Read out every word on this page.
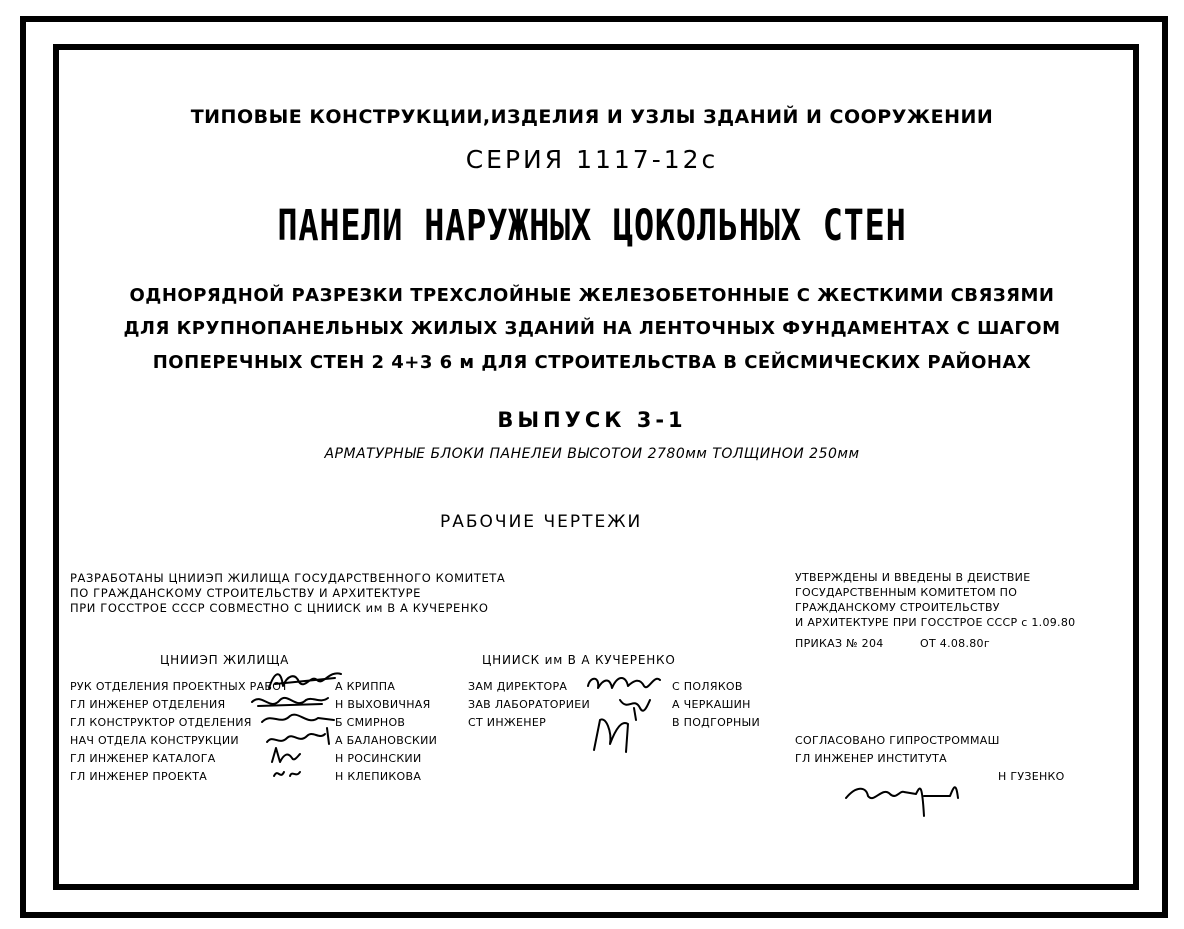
ТИПОВЫЕ КОНСТРУКЦИИ,ИЗДЕЛИЯ И УЗЛЫ ЗДАНИЙ И СООРУЖЕНИИ
СЕРИЯ 1117-12с
ПАНЕЛИ НАРУЖНЫХ ЦОКОЛЬНЫХ СТЕН
ОДНОРЯДНОЙ РАЗРЕЗКИ ТРЕХСЛОЙНЫЕ ЖЕЛЕЗОБЕТОННЫЕ С ЖЕСТКИМИ СВЯЗЯМИ
ДЛЯ КРУПНОПАНЕЛЬНЫХ ЖИЛЫХ ЗДАНИЙ НА ЛЕНТОЧНЫХ ФУНДАМЕНТАХ С ШАГОМ
ПОПЕРЕЧНЫХ СТЕН 2 4+3 6 м ДЛЯ СТРОИТЕЛЬСТВА В СЕЙСМИЧЕСКИХ РАЙОНАХ
ВЫПУСК 3-1
АРМАТУРНЫЕ БЛОКИ ПАНЕЛЕИ ВЫСОТОИ 2780мм ТОЛЩИНОИ 250мм
РАБОЧИЕ ЧЕРТЕЖИ
РАЗРАБОТАНЫ ЦНИИЭП ЖИЛИЩА ГОСУДАРСТВЕННОГО КОМИТЕТА
ПО ГРАЖДАНСКОМУ СТРОИТЕЛЬСТВУ И АРХИТЕКТУРЕ
ПРИ ГОССТРОЕ СССР СОВМЕСТНО С ЦНИИСК им В А КУЧЕРЕНКО
УТВЕРЖДЕНЫ И ВВЕДЕНЫ В ДЕИСТВИЕ
ГОСУДАРСТВЕННЫМ КОМИТЕТОМ ПО
ГРАЖДАНСКОМУ СТРОИТЕЛЬСТВУ
И АРХИТЕКТУРЕ ПРИ ГОССТРОЕ СССР с 1.09.80
ПРИКАЗ № 204	ОТ 4.08.80г
ЦНИИЭП ЖИЛИЩА
РУК ОТДЕЛЕНИЯ ПРОЕКТНЫХ РАБОТ	А КРИППА
ГЛ ИНЖЕНЕР ОТДЕЛЕНИЯ	Н ВЫХОВИЧНАЯ
ГЛ КОНСТРУКТОР ОТДЕЛЕНИЯ	Б СМИРНОВ
НАЧ ОТДЕЛА КОНСТРУКЦИИ	А БАЛАНОВСКИИ
ГЛ ИНЖЕНЕР КАТАЛОГА	Н РОСИНСКИИ
ГЛ ИНЖЕНЕР ПРОЕКТА	Н КЛЕПИКОВА
ЦНИИСК им В А КУЧЕРЕНКО
ЗАМ ДИРЕКТОРА	С ПОЛЯКОВ
ЗАВ ЛАБОРАТОРИЕИ	А ЧЕРКАШИН
СТ ИНЖЕНЕР	В ПОДГОРНЫИ
СОГЛАСОВАНО ГИПРОСТРОММАШ
ГЛ ИНЖЕНЕР ИНСТИТУТА
Н ГУЗЕНКО
